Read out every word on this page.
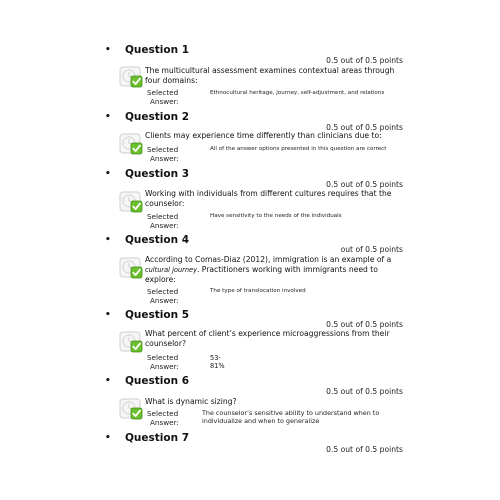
• Question 1
0.5 out of 0.5 points
The multicultural assessment examines contextual areas through four domains:
Selected
Answer:
Ethnocultural heritage, journey, self-adjustment, and relations
• Question 2
0.5 out of 0.5 points
Clients may experience time differently than clinicians due to:
Selected
Answer:
All of the answer options presented in this question are correct
• Question 3
0.5 out of 0.5 points
Working with individuals from different cultures requires that the counselor:
Selected
Answer:
Have sensitivity to the needs of the individuals
• Question 4
out of 0.5 points
According to Comas-Diaz (2012), immigration is an example of a cultural journey. Practitioners working with immigrants need to explore:
Selected
Answer:
The type of translocation involved
• Question 5
0.5 out of 0.5 points
What percent of client’s experience microaggressions from their counselor?
Selected
Answer:
53-
81%
• Question 6
0.5 out of 0.5 points
What is dynamic sizing?
Selected
Answer:
The counselor’s sensitive ability to understand when to individualize and when to generalize
• Question 7
0.5 out of 0.5 points
